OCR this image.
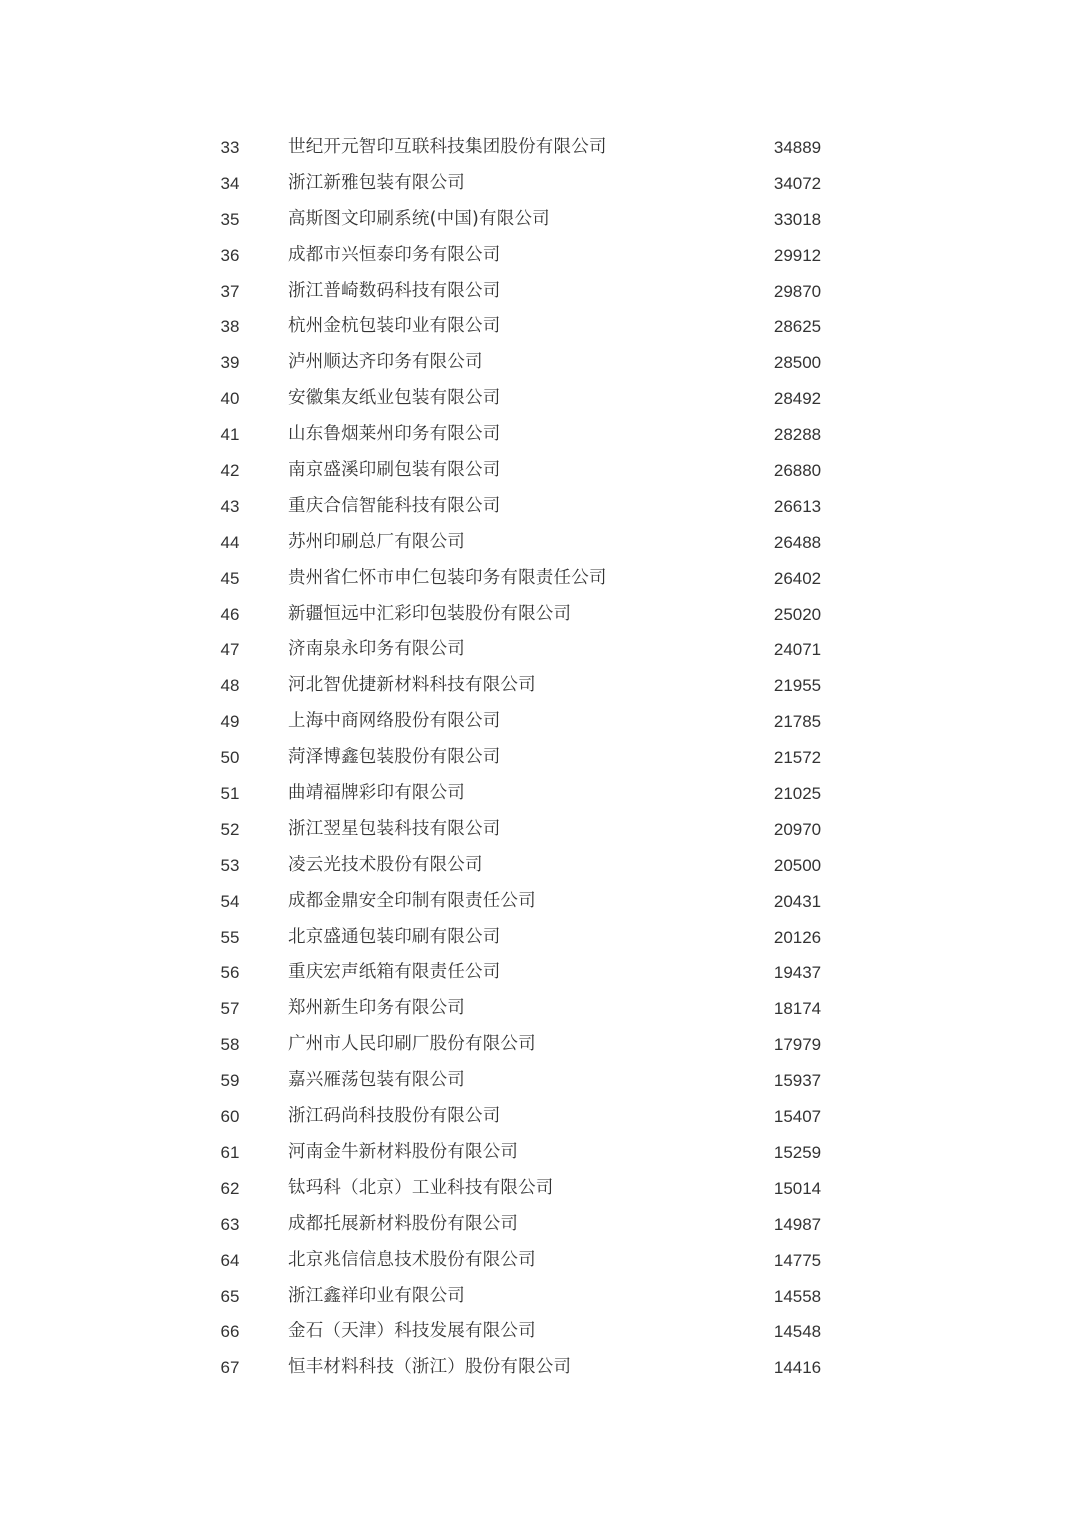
33	世纪开元智印互联科技集团股份有限公司	34889
34	浙江新雅包装有限公司	34072
35	高斯图文印刷系统(中国)有限公司	33018
36	成都市兴恒泰印务有限公司	29912
37	浙江普崎数码科技有限公司	29870
38	杭州金杭包装印业有限公司	28625
39	泸州顺达齐印务有限公司	28500
40	安徽集友纸业包装有限公司	28492
41	山东鲁烟莱州印务有限公司	28288
42	南京盛溪印刷包装有限公司	26880
43	重庆合信智能科技有限公司	26613
44	苏州印刷总厂有限公司	26488
45	贵州省仁怀市申仁包装印务有限责任公司	26402
46	新疆恒远中汇彩印包装股份有限公司	25020
47	济南泉永印务有限公司	24071
48	河北智优捷新材料科技有限公司	21955
49	上海中商网络股份有限公司	21785
50	菏泽博鑫包装股份有限公司	21572
51	曲靖福牌彩印有限公司	21025
52	浙江翌星包装科技有限公司	20970
53	凌云光技术股份有限公司	20500
54	成都金鼎安全印制有限责任公司	20431
55	北京盛通包装印刷有限公司	20126
56	重庆宏声纸箱有限责任公司	19437
57	郑州新生印务有限公司	18174
58	广州市人民印刷厂股份有限公司	17979
59	嘉兴雁荡包装有限公司	15937
60	浙江码尚科技股份有限公司	15407
61	河南金牛新材料股份有限公司	15259
62	钛玛科（北京）工业科技有限公司	15014
63	成都托展新材料股份有限公司	14987
64	北京兆信信息技术股份有限公司	14775
65	浙江鑫祥印业有限公司	14558
66	金石（天津）科技发展有限公司	14548
67	恒丰材料科技（浙江）股份有限公司	14416
